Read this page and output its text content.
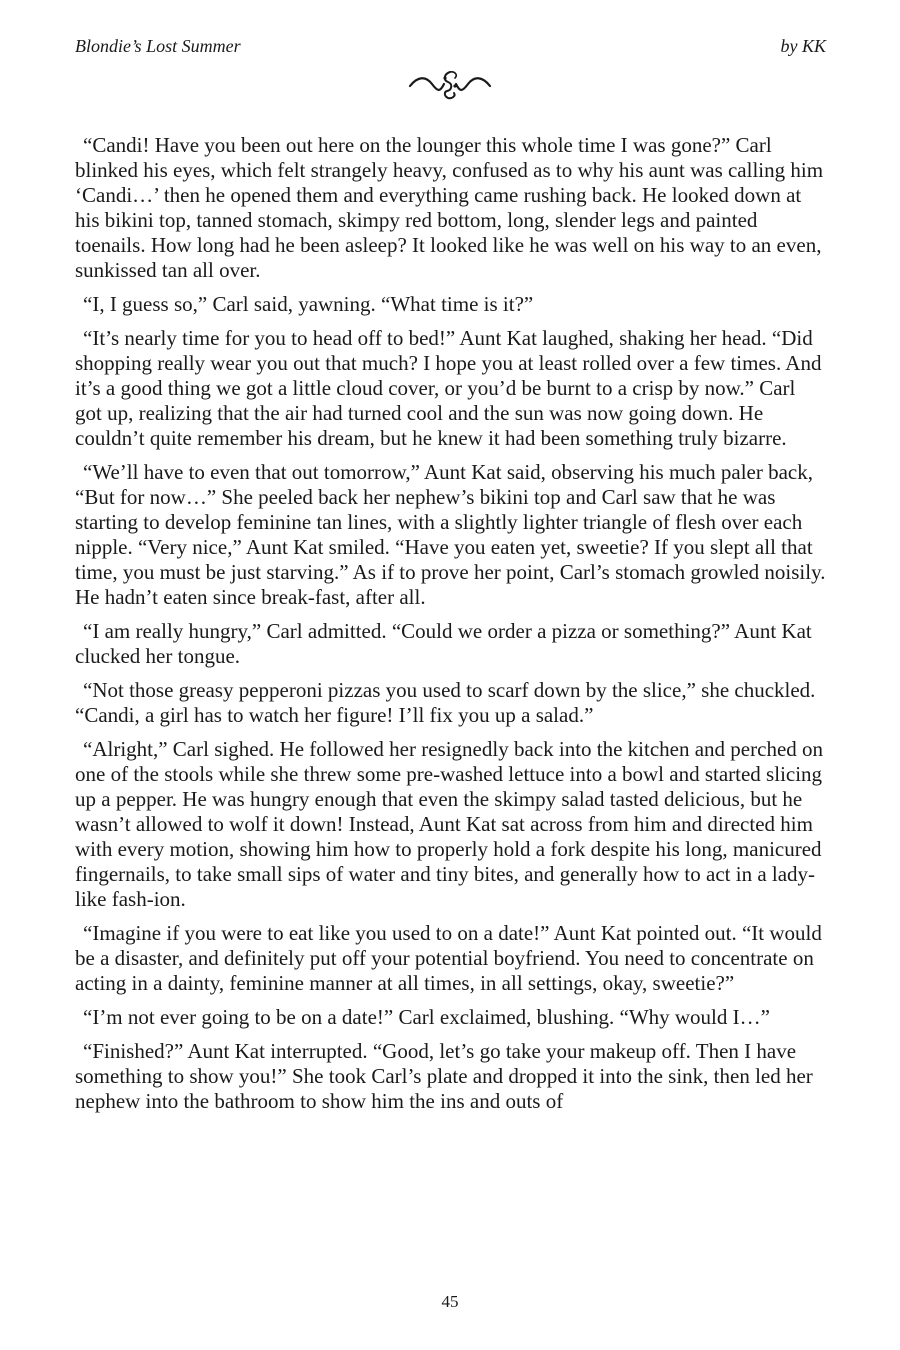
Blondie’s Lost Summer	by KK

“Candi! Have you been out here on the lounger this whole time I was gone?” Carl blinked his eyes, which felt strangely heavy, confused as to why his aunt was calling him ‘Candi…’ then he opened them and everything came rushing back. He looked down at his bikini top, tanned stomach, skimpy red bottom, long, slender legs and painted toenails. How long had he been asleep? It looked like he was well on his way to an even, sunkissed tan all over.

“I, I guess so,” Carl said, yawning. “What time is it?”

“It’s nearly time for you to head off to bed!” Aunt Kat laughed, shaking her head. “Did shopping really wear you out that much? I hope you at least rolled over a few times. And it’s a good thing we got a little cloud cover, or you’d be burnt to a crisp by now.” Carl got up, realizing that the air had turned cool and the sun was now going down. He couldn’t quite remember his dream, but he knew it had been something truly bizarre.

“We’ll have to even that out tomorrow,” Aunt Kat said, observing his much paler back, “But for now…” She peeled back her nephew’s bikini top and Carl saw that he was starting to develop feminine tan lines, with a slightly lighter triangle of flesh over each nipple. “Very nice,” Aunt Kat smiled. “Have you eaten yet, sweetie? If you slept all that time, you must be just starving.” As if to prove her point, Carl’s stomach growled noisily. He hadn’t eaten since break-fast, after all.

“I am really hungry,” Carl admitted. “Could we order a pizza or something?” Aunt Kat clucked her tongue.

“Not those greasy pepperoni pizzas you used to scarf down by the slice,” she chuckled. “Candi, a girl has to watch her figure! I’ll fix you up a salad.”

“Alright,” Carl sighed. He followed her resignedly back into the kitchen and perched on one of the stools while she threw some pre-washed lettuce into a bowl and started slicing up a pepper. He was hungry enough that even the skimpy salad tasted delicious, but he wasn’t allowed to wolf it down! Instead, Aunt Kat sat across from him and directed him with every motion, showing him how to properly hold a fork despite his long, manicured fingernails, to take small sips of water and tiny bites, and generally how to act in a lady-like fash-ion.

“Imagine if you were to eat like you used to on a date!” Aunt Kat pointed out. “It would be a disaster, and definitely put off your potential boyfriend. You need to concentrate on acting in a dainty, feminine manner at all times, in all settings, okay, sweetie?”

“I’m not ever going to be on a date!” Carl exclaimed, blushing. “Why would I…”

“Finished?” Aunt Kat interrupted. “Good, let’s go take your makeup off. Then I have something to show you!” She took Carl’s plate and dropped it into the sink, then led her nephew into the bathroom to show him the ins and outs of

45
